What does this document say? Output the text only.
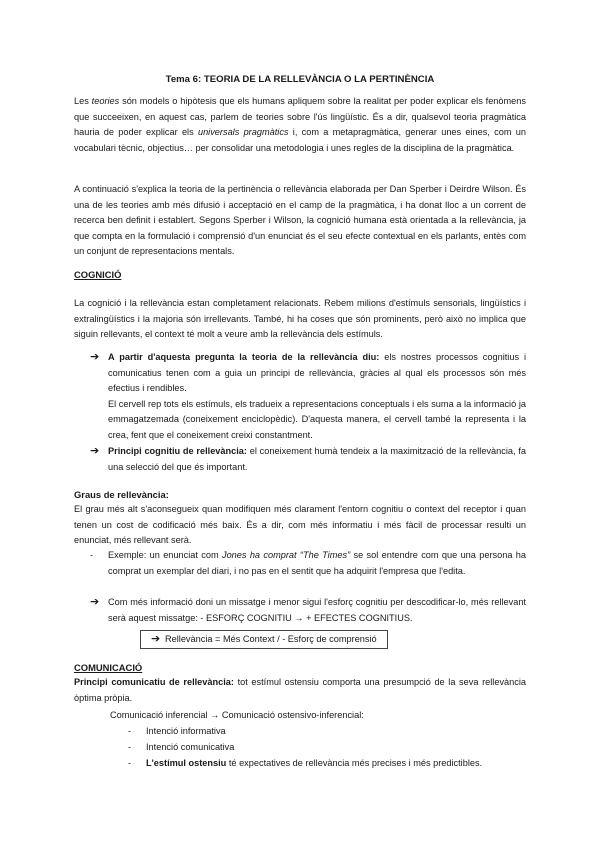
Tema 6: TEORIA DE LA RELLEVÀNCIA O LA PERTINÈNCIA

Les teories són models o hipòtesis que els humans apliquem sobre la realitat per poder explicar els fenòmens que succeeixen, en aquest cas, parlem de teories sobre l'ús lingüístic. És a dir, qualsevol teoria pragmàtica hauria de poder explicar els universals pragmàtics i, com a metapragmàtica, generar unes eines, com un vocabulari tècnic, objectius… per consolidar una metodologia i unes regles de la disciplina de la pragmàtica.

A continuació s'explica la teoria de la pertinència o rellevància elaborada per Dan Sperber i Deirdre Wilson. És una de les teories amb més difusió i acceptació en el camp de la pragmàtica, i ha donat lloc a un corrent de recerca ben definit i establert. Segons Sperber i Wilson, la cognició humana està orientada a la rellevància, ja que compta en la formulació i comprensió d'un enunciat és el seu efecte contextual en els parlants, entès com un conjunt de representacions mentals.

COGNICIÓ

La cognició i la rellevància estan completament relacionats. Rebem milions d'estímuls sensorials, lingüístics i extralingüístics i la majoria són irrellevants. També, hi ha coses que són prominents, però això no implica que siguin rellevants, el context té molt a veure amb la rellevància dels estímuls.

➔ A partir d'aquesta pregunta la teoria de la rellevància diu: els nostres processos cognitius i comunicatius tenen com a guia un principi de rellevància, gràcies al qual els processos són més efectius i rendibles.

El cervell rep tots els estímuls, els tradueix a representacions conceptuals i els suma a la informació ja emmagatzemada (coneixement enciclopèdic). D'aquesta manera, el cervell també la representa i la crea, fent que el coneixement creixi constantment.

➔ Principi cognitiu de rellevància: el coneixement humà tendeix a la maximització de la rellevància, fa una selecció del que és important.

Graus de rellevància:

El grau més alt s'aconsegueix quan modifiquen més clarament l'entorn cognitiu o context del receptor i quan tenen un cost de codificació més baix. És a dir, com més informatiu i més fàcil de processar resulti un enunciat, més rellevant serà.

-	Exemple: un enunciat com Jones ha comprat “The Times” se sol entendre com que una persona ha comprat un exemplar del diari, i no pas en el sentit que ha adquirit l'empresa que l'edita.

➔ Com més informació doni un missatge i menor sigui l'esforç cognitiu per descodificar-lo, més rellevant serà aquest missatge: - ESFORÇ COGNITIU → + EFECTES COGNITIUS.

➔ Rellevància = Més Context / - Esforç de comprensió
COMUNICACIÓ

Principi comunicatiu de rellevància: tot estímul ostensiu comporta una presumpció de la seva rellevància òptima pròpia.

Comunicació inferencial → Comunicació ostensivo-inferencial:
-	Intenció informativa
-	Intenció comunicativa
-	L'estímul ostensiu té expectatives de rellevància més precises i més predictibles.
